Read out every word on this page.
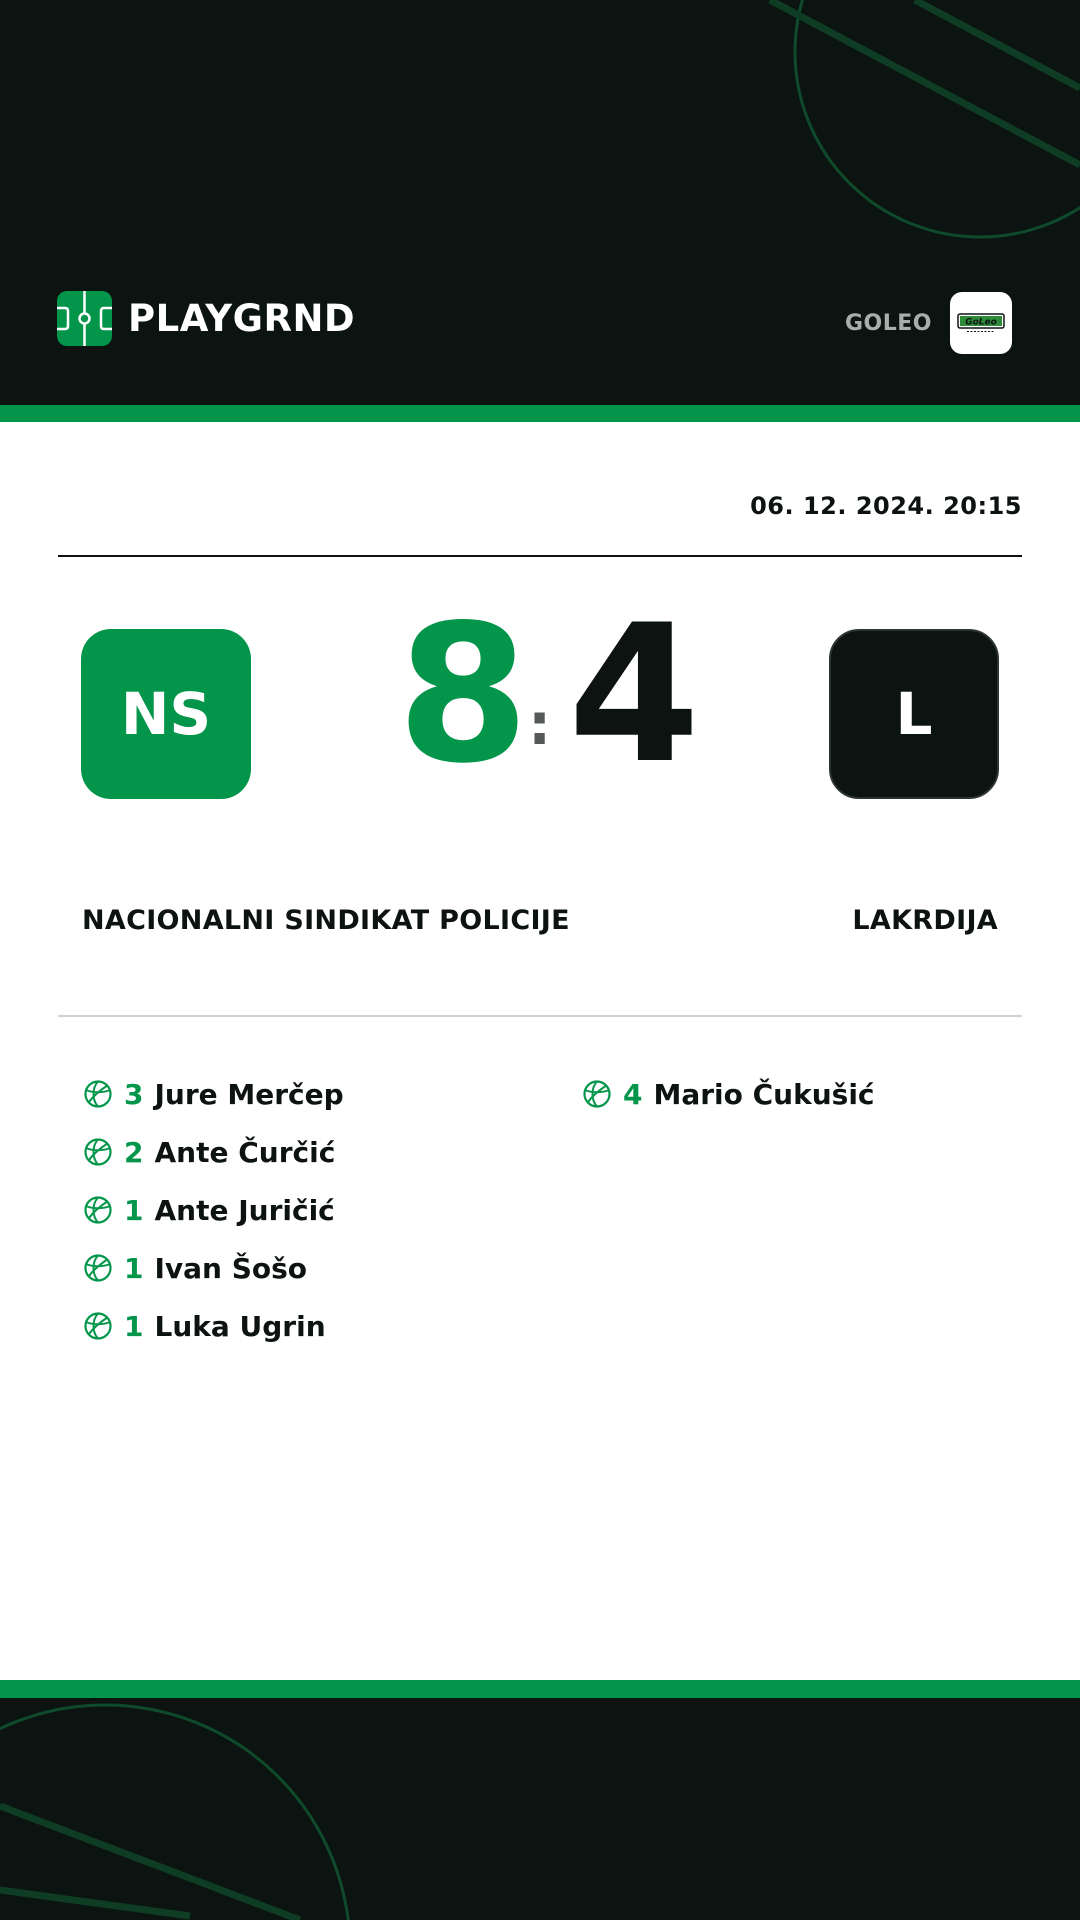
PLAYGRND	GOLEO	GoLeo
06. 12. 2024. 20:15
NS 8
: 4	L
NACIONALNI SINDIKAT POLICIJE	LAKRDIJA
3 Jure Merčep
2 Ante Čurčić
1 Ante Juričić
1 Ivan Šošo
1 Luka Ugrin
4 Mario Čukušić
